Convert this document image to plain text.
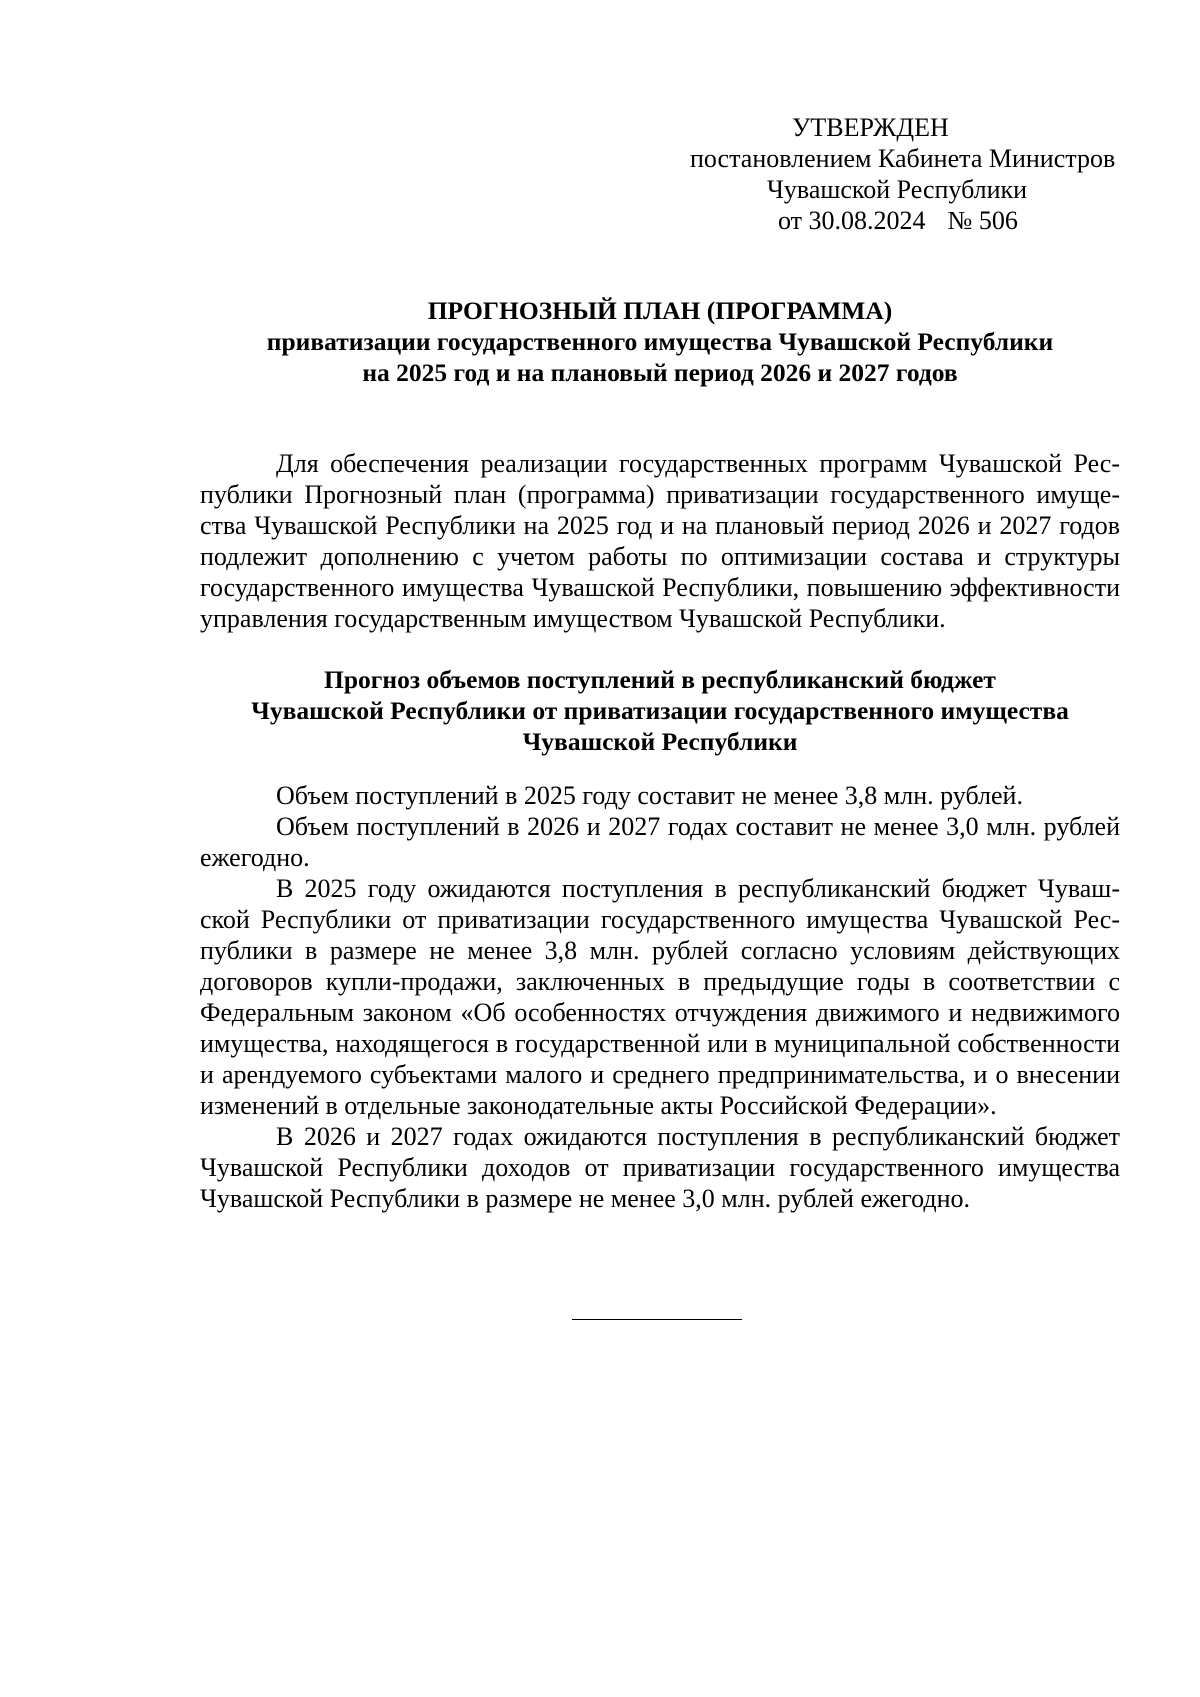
УТВЕРЖДЕН
постановлением Кабинета Министров
Чувашской Республики
от 30.08.2024 № 506
ПРОГНОЗНЫЙ ПЛАН (ПРОГРАММА)
приватизации государственного имущества Чувашской Республики
на 2025 год и на плановый период 2026 и 2027 годов

Для обеспечения реализации государственных программ Чувашской Республики Прогнозный план (программа) приватизации государственного имущества Чувашской Республики на 2025 год и на плановый период 2026 и 2027 годов подлежит дополнению с учетом работы по оптимизации состава и структуры государственного имущества Чувашской Республики, повышению эффективности управления государственным имуществом Чувашской Республики.

Прогноз объемов поступлений в республиканский бюджет
Чувашской Республики от приватизации государственного имущества
Чувашской Республики

Объем поступлений в 2025 году составит не менее 3,8 млн. рублей.

Объем поступлений в 2026 и 2027 годах составит не менее 3,0 млн. рублей ежегодно.

В 2025 году ожидаются поступления в республиканский бюджет Чувашской Республики от приватизации государственного имущества Чувашской Республики в размере не менее 3,8 млн. рублей согласно условиям действующих договоров купли-продажи, заключенных в предыдущие годы в соответствии с Федеральным законом «Об особенностях отчуждения движимого и недвижимого имущества, находящегося в государственной или в муниципальной собственности и арендуемого субъектами малого и среднего предпринимательства, и о внесении изменений в отдельные законодательные акты Российской Федерации».

В 2026 и 2027 годах ожидаются поступления в республиканский бюджет Чувашской Республики доходов от приватизации государственного имущества Чувашской Республики в размере не менее 3,0 млн. рублей ежегодно.
